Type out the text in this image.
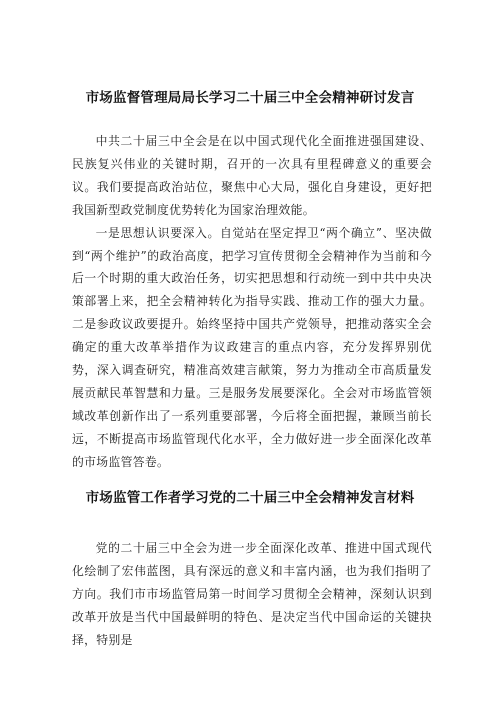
市场监督管理局局长学习二十届三中全会精神研讨发言

中共二十届三中全会是在以中国式现代化全面推进强国建设、民族复兴伟业的关键时期，召开的一次具有里程碑意义的重要会议。我们要提高政治站位，聚焦中心大局，强化自身建设，更好把我国新型政党制度优势转化为国家治理效能。

一是思想认识要深入。自觉站在坚定捍卫“两个确立”、坚决做到“两个维护”的政治高度，把学习宣传贯彻全会精神作为当前和今后一个时期的重大政治任务，切实把思想和行动统一到中共中央决策部署上来，把全会精神转化为指导实践、推动工作的强大力量。二是参政议政要提升。始终坚持中国共产党领导，把推动落实全会确定的重大改革举措作为议政建言的重点内容，充分发挥界别优势，深入调查研究，精准高效建言献策，努力为推动全市高质量发展贡献民革智慧和力量。三是服务发展要深化。全会对市场监管领域改革创新作出了一系列重要部署，今后将全面把握，兼顾当前长远，不断提高市场监管现代化水平，全力做好进一步全面深化改革的市场监管答卷。

市场监管工作者学习党的二十届三中全会精神发言材料

党的二十届三中全会为进一步全面深化改革、推进中国式现代化绘制了宏伟蓝图，具有深远的意义和丰富内涵，也为我们指明了方向。我们市市场监管局第一时间学习贯彻全会精神，深刻认识到改革开放是当代中国最鲜明的特色、是决定当代中国命运的关键抉择，特别是
